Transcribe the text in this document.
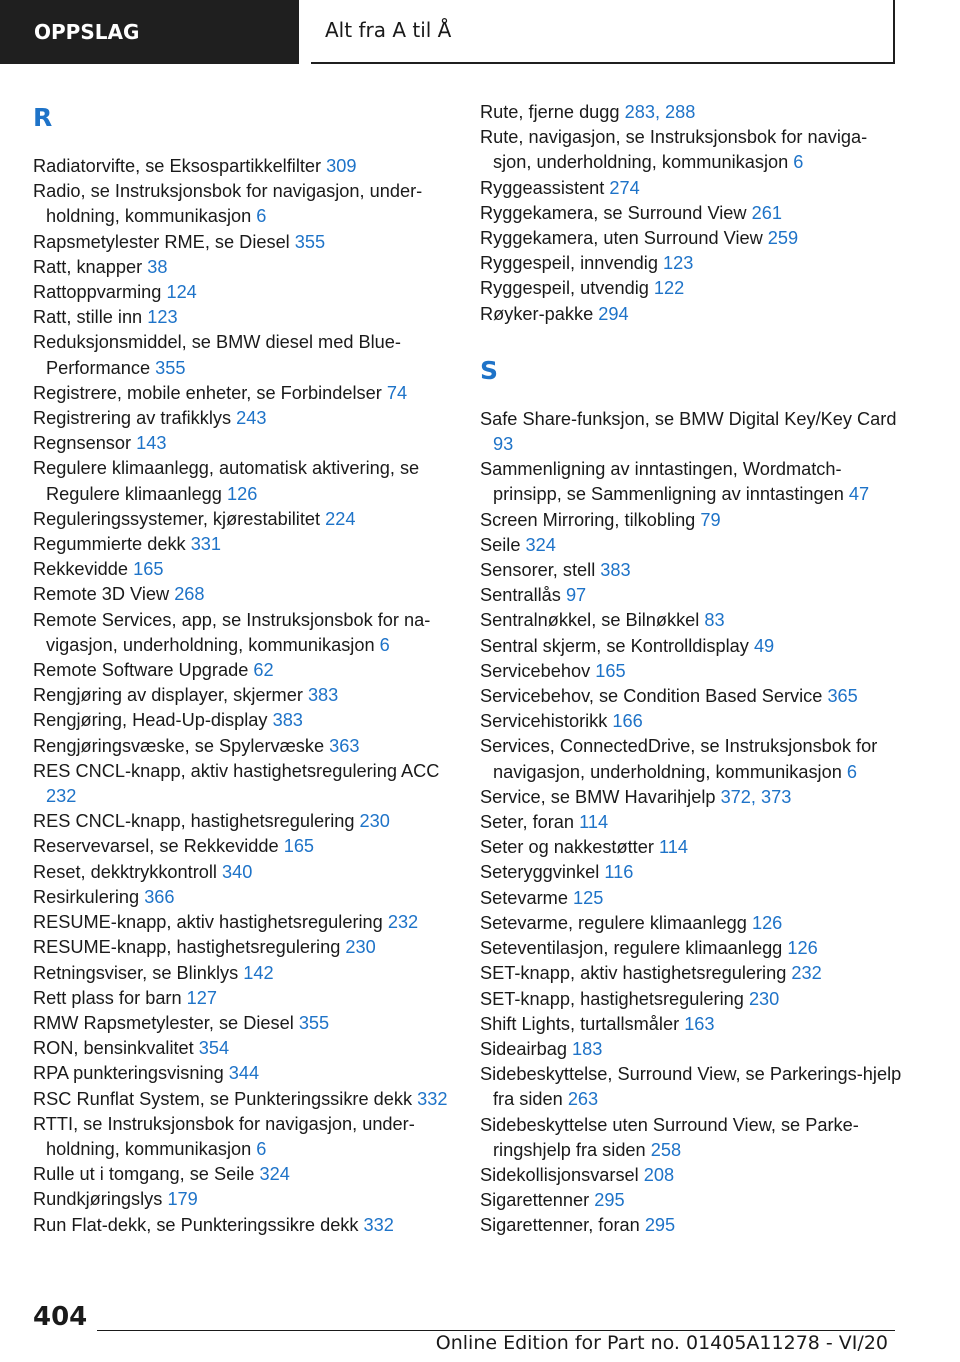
OPPSLAG	Alt fra A til Å
R
Radiatorvifte, se Eksospartikkelfilter 309
Radio, se Instruksjonsbok for navigasjon, under-holdning, kommunikasjon 6
Rapsmetylester RME, se Diesel 355
Ratt, knapper 38
Rattoppvarming 124
Ratt, stille inn 123
Reduksjonsmiddel, se BMW diesel med Blue-Performance 355
Registrere, mobile enheter, se Forbindelser 74
Registrering av trafikklys 243
Regnsensor 143
Regulere klimaanlegg, automatisk aktivering, se Regulere klimaanlegg 126
Reguleringssystemer, kjørestabilitet 224
Regummierte dekk 331
Rekkevidde 165
Remote 3D View 268
Remote Services, app, se Instruksjonsbok for na-vigasjon, underholdning, kommunikasjon 6
Remote Software Upgrade 62
Rengjøring av displayer, skjermer 383
Rengjøring, Head-Up-display 383
Rengjøringsvæske, se Spylervæske 363
RES CNCL-knapp, aktiv hastighetsregulering ACC 232
RES CNCL-knapp, hastighetsregulering 230
Reservevarsel, se Rekkevidde 165
Reset, dekktrykkontroll 340
Resirkulering 366
RESUME-knapp, aktiv hastighetsregulering 232
RESUME-knapp, hastighetsregulering 230
Retningsviser, se Blinklys 142
Rett plass for barn 127
RMW Rapsmetylester, se Diesel 355
RON, bensinkvalitet 354
RPA punkteringsvisning 344
RSC Runflat System, se Punkteringssikre dekk 332
RTTI, se Instruksjonsbok for navigasjon, under-holdning, kommunikasjon 6
Rulle ut i tomgang, se Seile 324
Rundkjøringslys 179
Run Flat-dekk, se Punkteringssikre dekk 332
Rute, fjerne dugg 283, 288
Rute, navigasjon, se Instruksjonsbok for naviga-sjon, underholdning, kommunikasjon 6
Ryggeassistent 274
Ryggekamera, se Surround View 261
Ryggekamera, uten Surround View 259
Ryggespeil, innvendig 123
Ryggespeil, utvendig 122
Røyker-pakke 294
S
Safe Share-funksjon, se BMW Digital Key/Key Card 93
Sammenligning av inntastingen, Wordmatch-prinsipp, se Sammenligning av inntastingen 47
Screen Mirroring, tilkobling 79
Seile 324
Sensorer, stell 383
Sentrallås 97
Sentralnøkkel, se Bilnøkkel 83
Sentral skjerm, se Kontrolldisplay 49
Servicebehov 165
Servicebehov, se Condition Based Service 365
Servicehistorikk 166
Services, ConnectedDrive, se Instruksjonsbok for navigasjon, underholdning, kommunikasjon 6
Service, se BMW Havarihjelp 372, 373
Seter, foran 114
Seter og nakkestøtter 114
Seteryggvinkel 116
Setevarme 125
Setevarme, regulere klimaanlegg 126
Seteventilasjon, regulere klimaanlegg 126
SET-knapp, aktiv hastighetsregulering 232
SET-knapp, hastighetsregulering 230
Shift Lights, turtallsmåler 163
Sideairbag 183
Sidebeskyttelse, Surround View, se Parkerings-hjelp fra siden 263
Sidebeskyttelse uten Surround View, se Parke-ringshjelp fra siden 258
Sidekollisjonsvarsel 208
Sigarettenner 295
Sigarettenner, foran 295
404
Online Edition for Part no. 01405A11278 - VI/20
